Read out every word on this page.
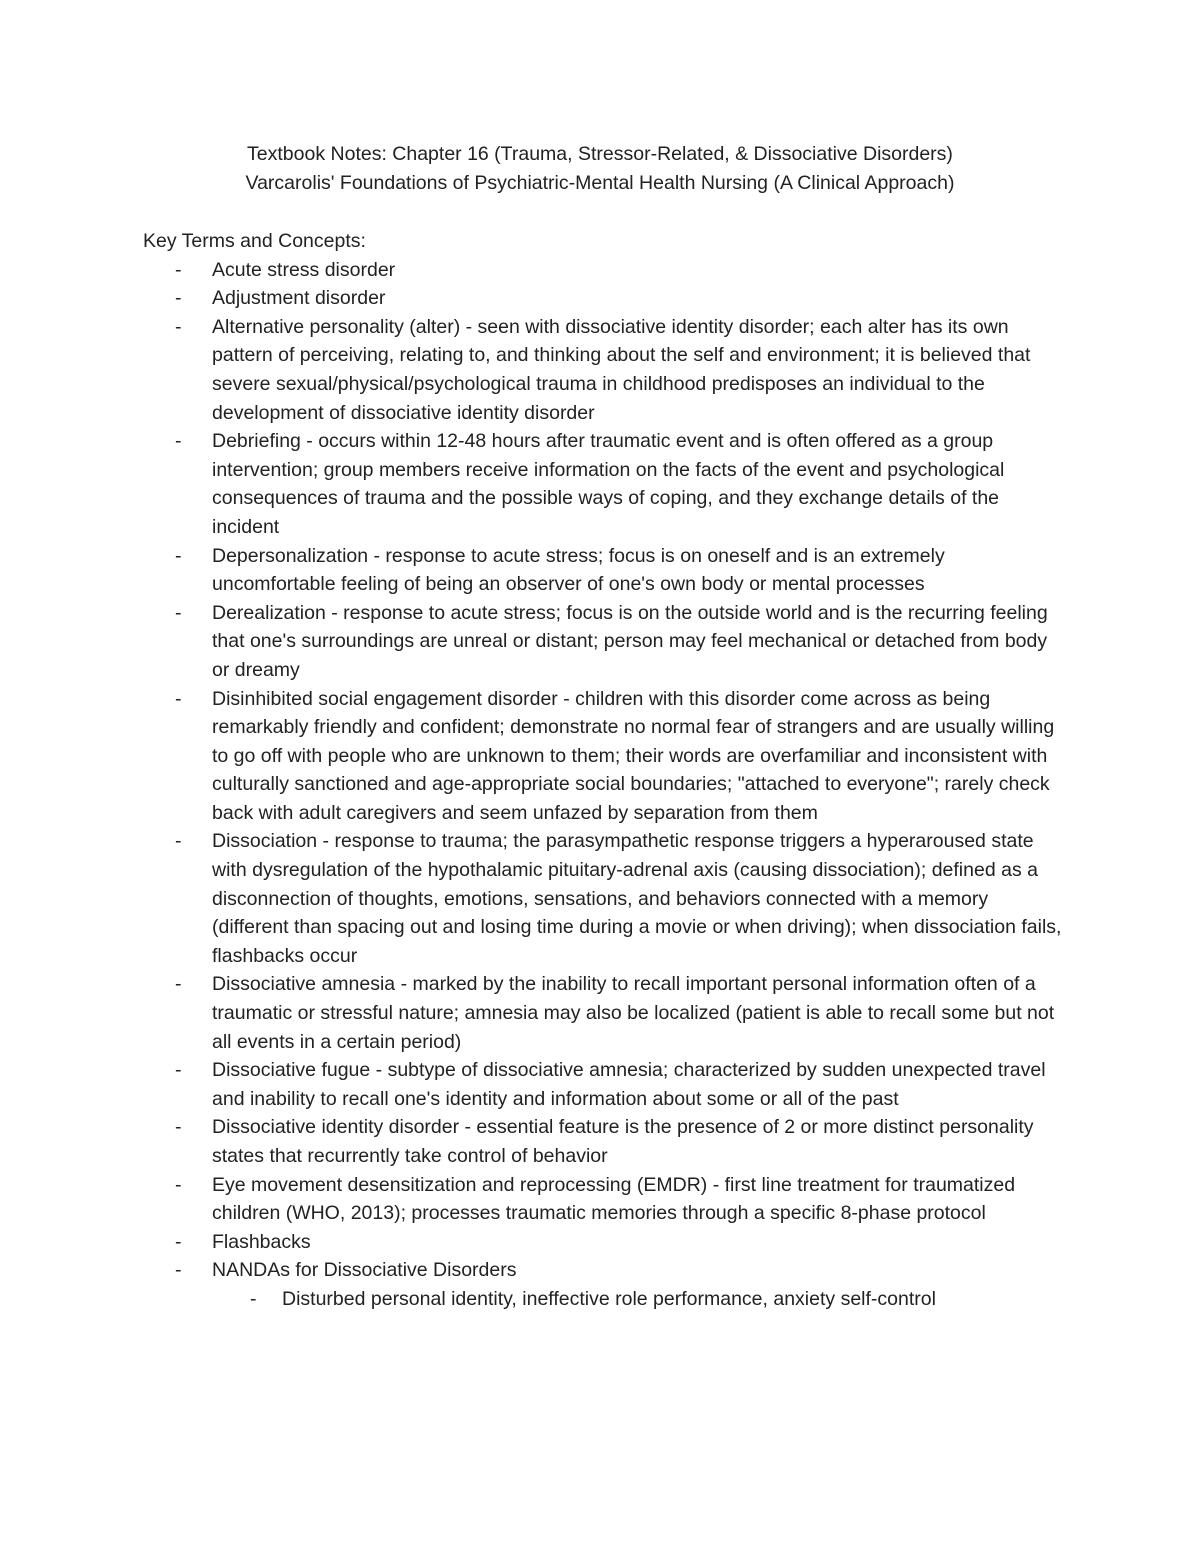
Textbook Notes: Chapter 16 (Trauma, Stressor-Related, & Dissociative Disorders)
Varcarolis' Foundations of Psychiatric-Mental Health Nursing (A Clinical Approach)
Key Terms and Concepts:
- Acute stress disorder
- Adjustment disorder
- Alternative personality (alter) - seen with dissociative identity disorder; each alter has its own pattern of perceiving, relating to, and thinking about the self and environment; it is believed that severe sexual/physical/psychological trauma in childhood predisposes an individual to the development of dissociative identity disorder
- Debriefing - occurs within 12-48 hours after traumatic event and is often offered as a group intervention; group members receive information on the facts of the event and psychological consequences of trauma and the possible ways of coping, and they exchange details of the incident
- Depersonalization - response to acute stress; focus is on oneself and is an extremely uncomfortable feeling of being an observer of one's own body or mental processes
- Derealization - response to acute stress; focus is on the outside world and is the recurring feeling that one's surroundings are unreal or distant; person may feel mechanical or detached from body or dreamy
- Disinhibited social engagement disorder - children with this disorder come across as being remarkably friendly and confident; demonstrate no normal fear of strangers and are usually willing to go off with people who are unknown to them; their words are overfamiliar and inconsistent with culturally sanctioned and age-appropriate social boundaries; "attached to everyone"; rarely check back with adult caregivers and seem unfazed by separation from them
- Dissociation - response to trauma; the parasympathetic response triggers a hyperaroused state with dysregulation of the hypothalamic pituitary-adrenal axis (causing dissociation); defined as a disconnection of thoughts, emotions, sensations, and behaviors connected with a memory (different than spacing out and losing time during a movie or when driving); when dissociation fails, flashbacks occur
- Dissociative amnesia - marked by the inability to recall important personal information often of a traumatic or stressful nature; amnesia may also be localized (patient is able to recall some but not all events in a certain period)
- Dissociative fugue - subtype of dissociative amnesia; characterized by sudden unexpected travel and inability to recall one's identity and information about some or all of the past
- Dissociative identity disorder - essential feature is the presence of 2 or more distinct personality states that recurrently take control of behavior
- Eye movement desensitization and reprocessing (EMDR) - first line treatment for traumatized children (WHO, 2013); processes traumatic memories through a specific 8-phase protocol
- Flashbacks
- NANDAs for Dissociative Disorders
- Disturbed personal identity, ineffective role performance, anxiety self-control
